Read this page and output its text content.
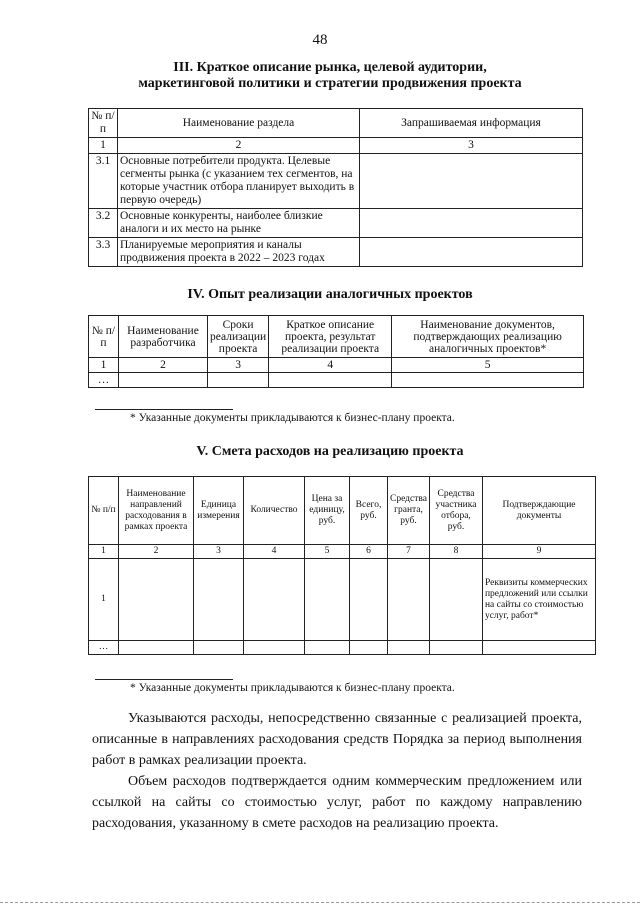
48
III. Краткое описание рынка, целевой аудитории,
маркетинговой политики и стратегии продвижения проекта
№ п/п	Наименование раздела	Запрашиваемая информация
1	2	3
3.1	Основные потребители продукта. Целевые сегменты рынка (с указанием тех сегментов, на которые участник отбора планирует выходить в первую очередь)	
3.2	Основные конкуренты, наиболее близкие аналоги и их место на рынке	
3.3	Планируемые мероприятия и каналы продвижения проекта в 2022 – 2023 годах	
IV. Опыт реализации аналогичных проектов
№ п/п	Наименование разработчика	Сроки реализации проекта	Краткое описание проекта, результат реализации проекта	Наименование документов, подтверждающих реализацию аналогичных проектов*
1	2	3	4	5
…				
* Указанные документы прикладываются к бизнес-плану проекта.
V. Смета расходов на реализацию проекта
№ п/п	Наименование направлений расходования в рамках проекта	Единица измерения	Количество	Цена за единицу, руб.	Всего, руб.	Средства гранта, руб.	Средства участника отбора, руб.	Подтверждающие документы
1	2	3	4	5	6	7	8	9
1								Реквизиты коммерческих предложений или ссылки на сайты со стоимостью услуг, работ*
…								
* Указанные документы прикладываются к бизнес-плану проекта.
Указываются расходы, непосредственно связанные с реализацией проекта, описанные в направлениях расходования средств Порядка за период выполнения работ в рамках реализации проекта.
Объем расходов подтверждается одним коммерческим предложением или ссылкой на сайты со стоимостью услуг, работ по каждому направлению расходования, указанному в смете расходов на реализацию проекта.
